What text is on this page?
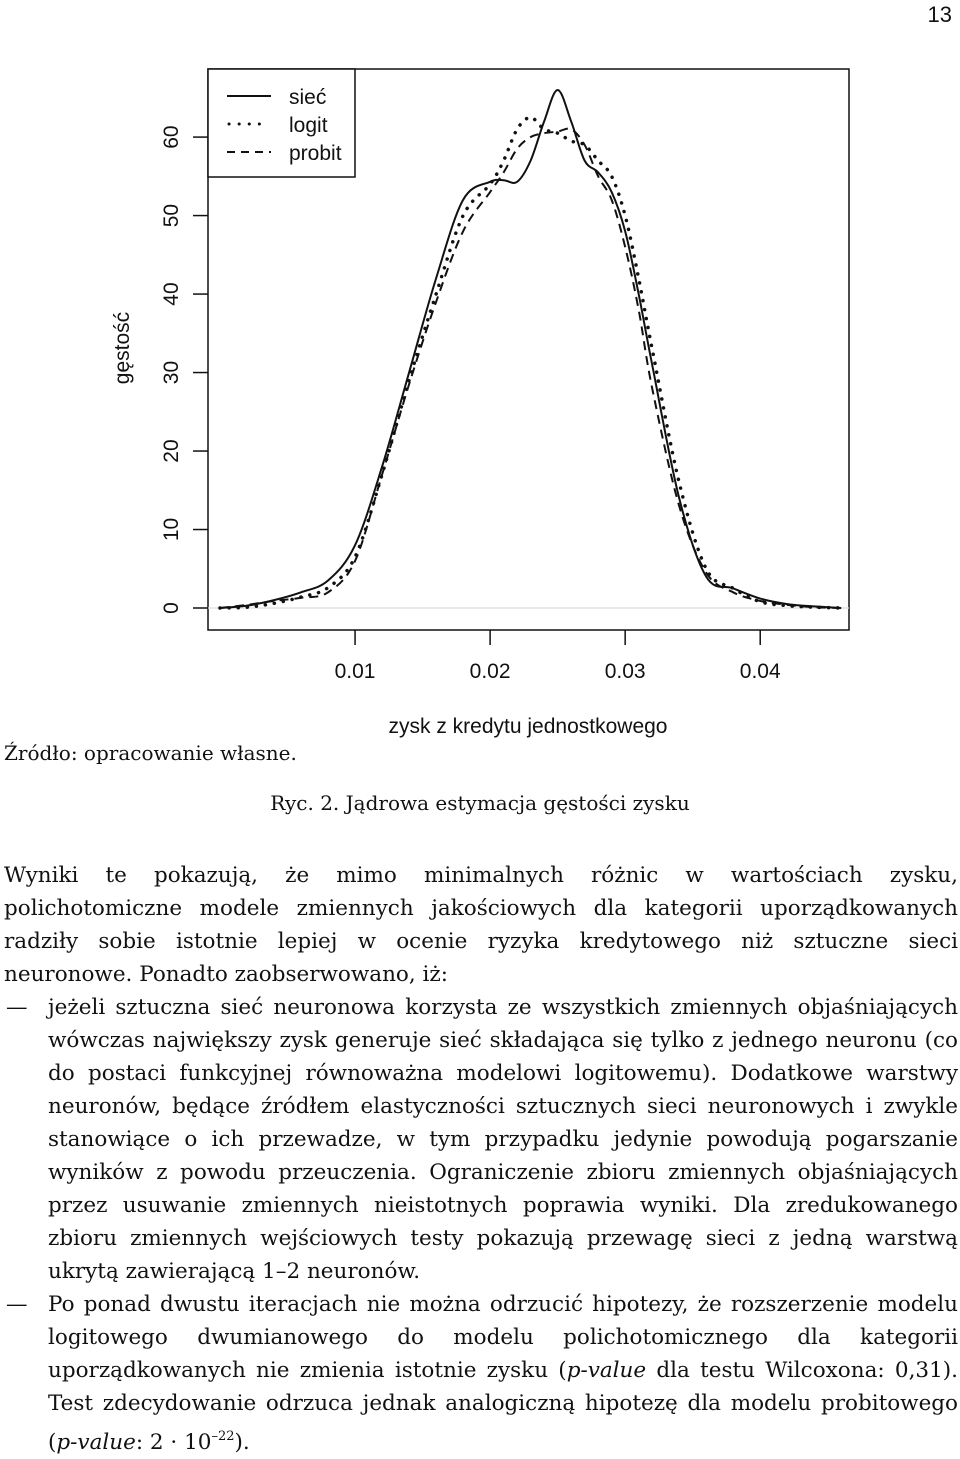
13
0.01	0.02	0.03	0.04
0
10
20
30
40
50
60
zysk z kredytu jednostkowego
gęstość
sieć
logit
probit
Źródło: opracowanie własne.
Ryc. 2. Jądrowa estymacja gęstości zysku

Wyniki te pokazują, że mimo minimalnych różnic w wartościach zysku, polichotomiczne modele zmiennych jakościowych dla kategorii uporządkowanych radziły sobie istotnie lepiej w ocenie ryzyka kredytowego niż sztuczne sieci neuronowe. Ponadto zaobserwowano, iż:

— jeżeli sztuczna sieć neuronowa korzysta ze wszystkich zmiennych objaśniających wówczas największy zysk generuje sieć składająca się tylko z jednego neuronu (co do postaci funkcyjnej równoważna modelowi logitowemu). Dodatkowe warstwy neuronów, będące źródłem elastyczności sztucznych sieci neuronowych i zwykle stanowiące o ich przewadze, w tym przypadku jedynie powodują pogarszanie wyników z powodu przeuczenia. Ograniczenie zbioru zmiennych objaśniających przez usuwanie zmiennych nieistotnych poprawia wyniki. Dla zredukowanego zbioru zmiennych wejściowych testy pokazują przewagę sieci z jedną warstwą ukrytą zawierającą 1–2 neuronów.

— Po ponad dwustu iteracjach nie można odrzucić hipotezy, że rozszerzenie modelu logitowego dwumianowego do modelu polichotomicznego dla kategorii uporządkowanych nie zmienia istotnie zysku (p-value dla testu Wilcoxona: 0,31). Test zdecydowanie odrzuca jednak analogiczną hipotezę dla modelu probitowego (p-value: $2 \cdot 10^{-22}$).
